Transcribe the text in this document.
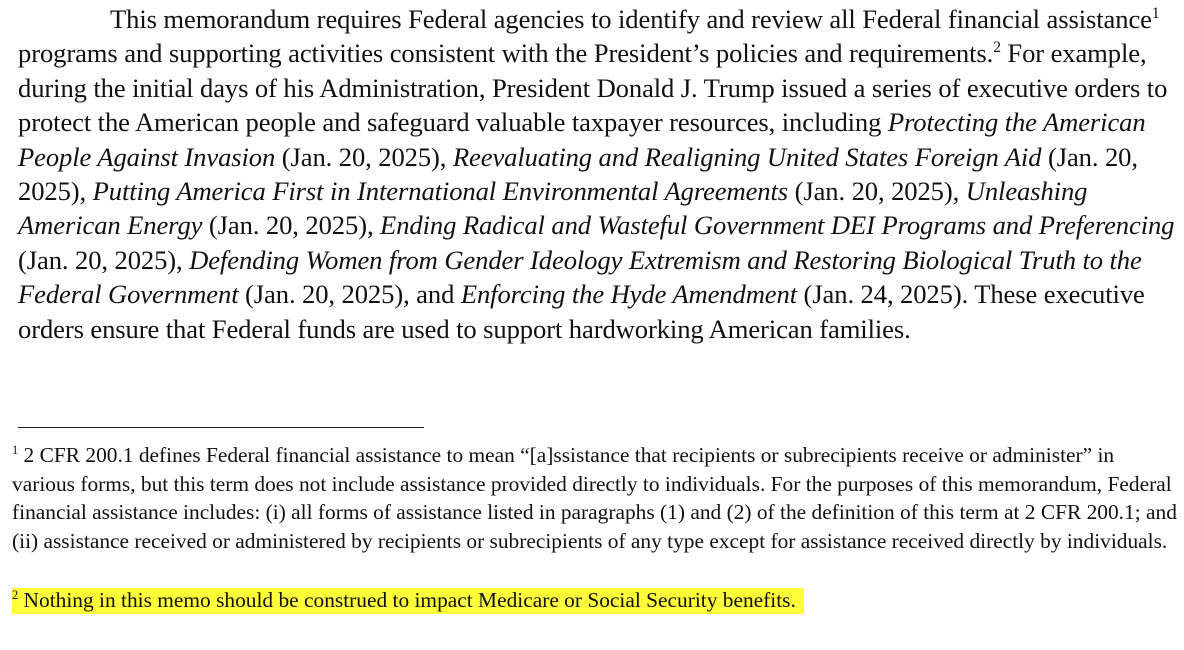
This memorandum requires Federal agencies to identify and review all Federal financial assistance$^1$ programs and supporting activities consistent with the President’s policies and requirements.$^2$ For example, during the initial days of his Administration, President Donald J. Trump issued a series of executive orders to protect the American people and safeguard valuable taxpayer resources, including Protecting the American People Against Invasion (Jan. 20, 2025), Reevaluating and Realigning United States Foreign Aid (Jan. 20, 2025), Putting America First in International Environmental Agreements (Jan. 20, 2025), Unleashing American Energy (Jan. 20, 2025), Ending Radical and Wasteful Government DEI Programs and Preferencing (Jan. 20, 2025), Defending Women from Gender Ideology Extremism and Restoring Biological Truth to the Federal Government (Jan. 20, 2025), and Enforcing the Hyde Amendment (Jan. 24, 2025). These executive orders ensure that Federal funds are used to support hardworking American families.

$^1$ 2 CFR 200.1 defines Federal financial assistance to mean “[a]ssistance that recipients or subrecipients receive or administer” in various forms, but this term does not include assistance provided directly to individuals. For the purposes of this memorandum, Federal financial assistance includes: (i) all forms of assistance listed in paragraphs (1) and (2) of the definition of this term at 2 CFR 200.1; and (ii) assistance received or administered by recipients or subrecipients of any type except for assistance received directly by individuals.

$^2$ Nothing in this memo should be construed to impact Medicare or Social Security benefits.
